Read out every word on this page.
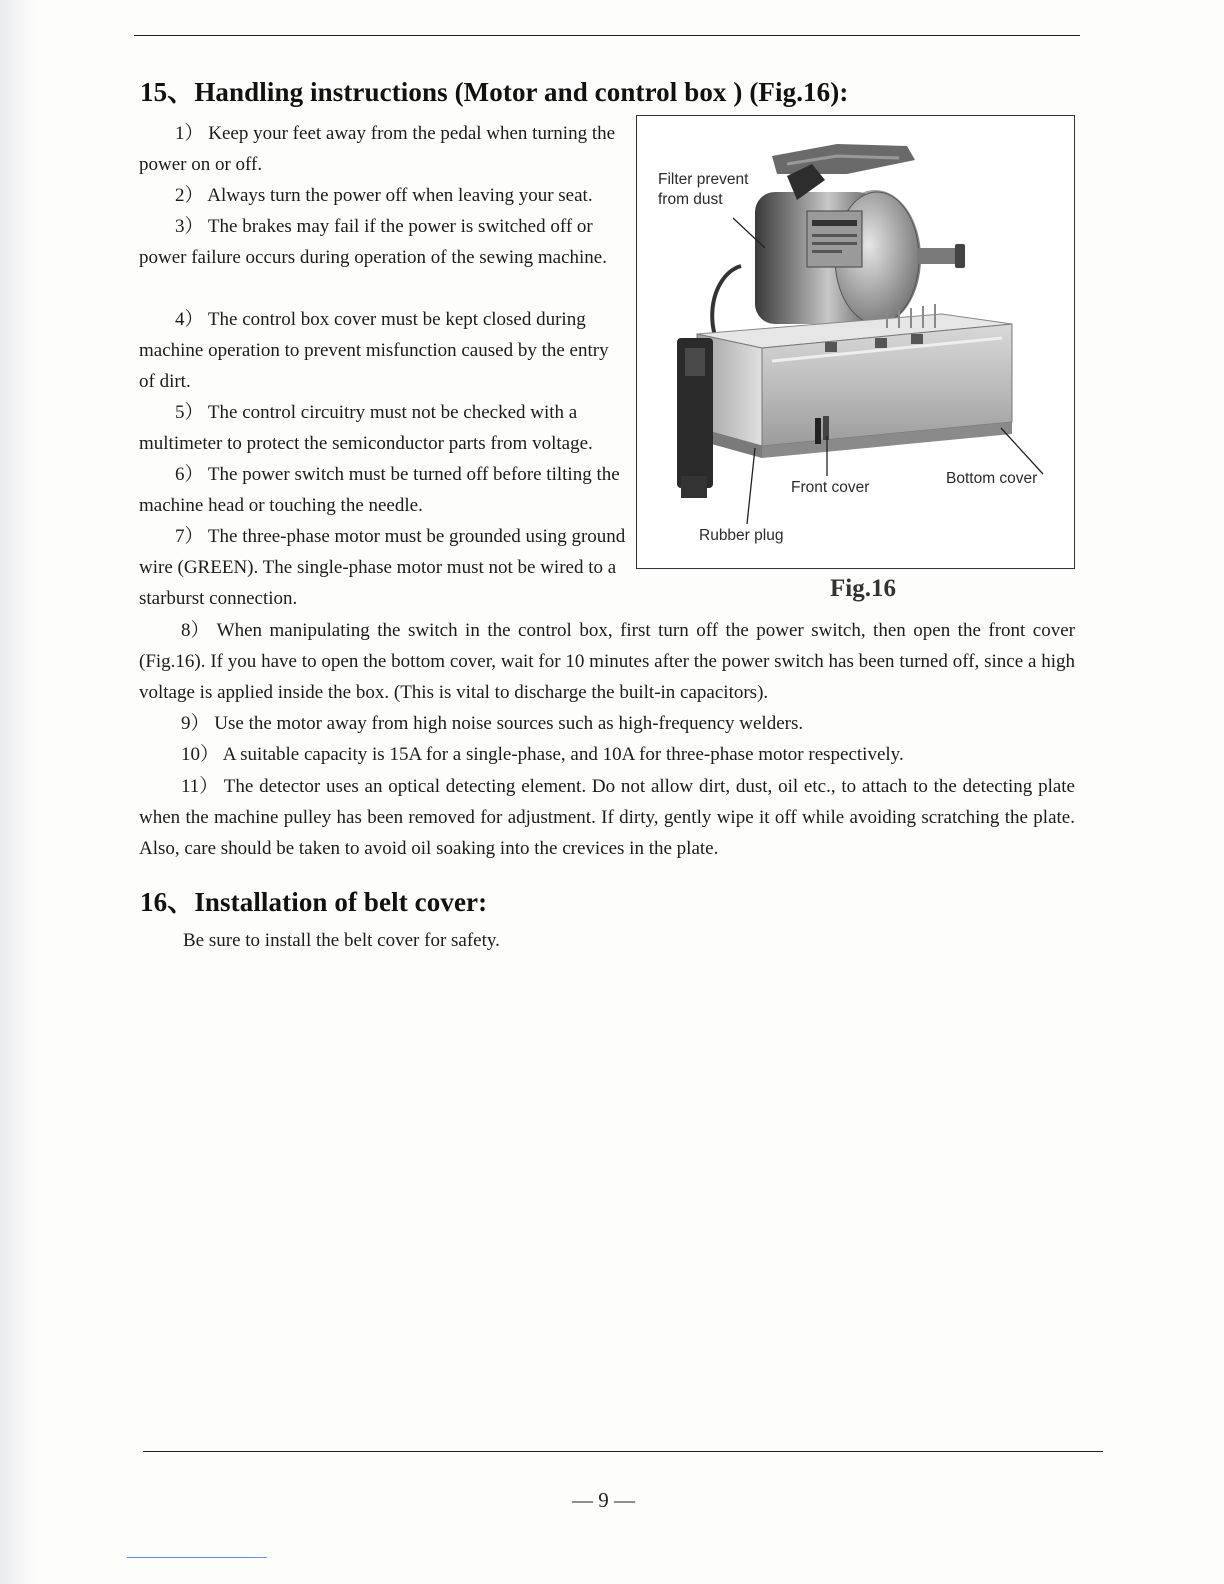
15、Handling instructions (Motor and control box ) (Fig.16):

1） Keep your feet away from the pedal when turning the power on or off.

2） Always turn the power off when leaving your seat.

3） The brakes may fail if the power is switched off or power failure occurs during operation of the sewing machine.

4） The control box cover must be kept closed during machine operation to prevent misfunction caused by the entry of dirt.

5） The control circuitry must not be checked with a multimeter to protect the semiconductor parts from voltage.

6） The power switch must be turned off before tilting the machine head or touching the needle.

7） The three-phase motor must be grounded using ground wire (GREEN). The single-phase motor must not be wired to a starburst connection.

Filter prevent from dust
Front cover
Bottom cover
Rubber plug
Fig.16

8） When manipulating the switch in the control box, first turn off the power switch, then open the front cover (Fig.16). If you have to open the bottom cover, wait for 10 minutes after the power switch has been turned off, since a high voltage is applied inside the box. (This is vital to discharge the built-in capacitors).

9） Use the motor away from high noise sources such as high-frequency welders.

10） A suitable capacity is 15A for a single-phase, and 10A for three-phase motor respectively.

11） The detector uses an optical detecting element. Do not allow dirt, dust, oil etc., to attach to the detecting plate when the machine pulley has been removed for adjustment. If dirty, gently wipe it off while avoiding scratching the plate. Also, care should be taken to avoid oil soaking into the crevices in the plate.

16、Installation of belt cover:

Be sure to install the belt cover for safety.

— 9 —
